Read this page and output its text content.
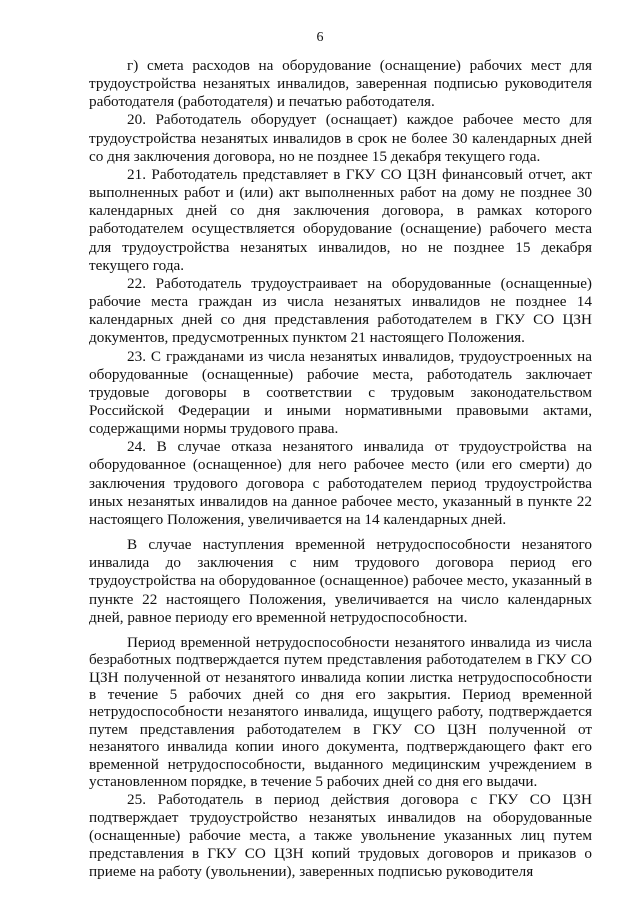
6

г) смета расходов на оборудование (оснащение) рабочих мест для трудоустройства незанятых инвалидов, заверенная подписью руководителя работодателя (работодателя) и печатью работодателя.

20. Работодатель оборудует (оснащает) каждое рабочее место для трудоустройства незанятых инвалидов в срок не более 30 календарных дней со дня заключения договора, но не позднее 15 декабря текущего года.

21. Работодатель представляет в ГКУ СО ЦЗН финансовый отчет, акт выполненных работ и (или) акт выполненных работ на дому не позднее 30 календарных дней со дня заключения договора, в рамках которого работодателем осуществляется оборудование (оснащение) рабочего места для трудоустройства незанятых инвалидов, но не позднее 15 декабря текущего года.

22. Работодатель трудоустраивает на оборудованные (оснащенные) рабочие места граждан из числа незанятых инвалидов не позднее 14 календарных дней со дня представления работодателем в ГКУ СО ЦЗН документов, предусмотренных пунктом 21 настоящего Положения.

23. С гражданами из числа незанятых инвалидов, трудоустроенных на оборудованные (оснащенные) рабочие места, работодатель заключает трудовые договоры в соответствии с трудовым законодательством Российской Федерации и иными нормативными правовыми актами, содержащими нормы трудового права.

24. В случае отказа незанятого инвалида от трудоустройства на оборудованное (оснащенное) для него рабочее место (или его смерти) до заключения трудового договора с работодателем период трудоустройства иных незанятых инвалидов на данное рабочее место, указанный в пункте 22 настоящего Положения, увеличивается на 14 календарных дней.

В случае наступления временной нетрудоспособности незанятого инвалида до заключения с ним трудового договора период его трудоустройства на оборудованное (оснащенное) рабочее место, указанный в пункте 22 настоящего Положения, увеличивается на число календарных дней, равное периоду его временной нетрудоспособности.

Период временной нетрудоспособности незанятого инвалида из числа безработных подтверждается путем представления работодателем в ГКУ СО ЦЗН полученной от незанятого инвалида копии листка нетрудоспособности в течение 5 рабочих дней со дня его закрытия. Период временной нетрудоспособности незанятого инвалида, ищущего работу, подтверждается путем представления работодателем в ГКУ СО ЦЗН полученной от незанятого инвалида копии иного документа, подтверждающего факт его временной нетрудоспособности, выданного медицинским учреждением в установленном порядке, в течение 5 рабочих дней со дня его выдачи.

25. Работодатель в период действия договора с ГКУ СО ЦЗН подтверждает трудоустройство незанятых инвалидов на оборудованные (оснащенные) рабочие места, а также увольнение указанных лиц путем представления в ГКУ СО ЦЗН копий трудовых договоров и приказов о приеме на работу (увольнении), заверенных подписью руководителя
